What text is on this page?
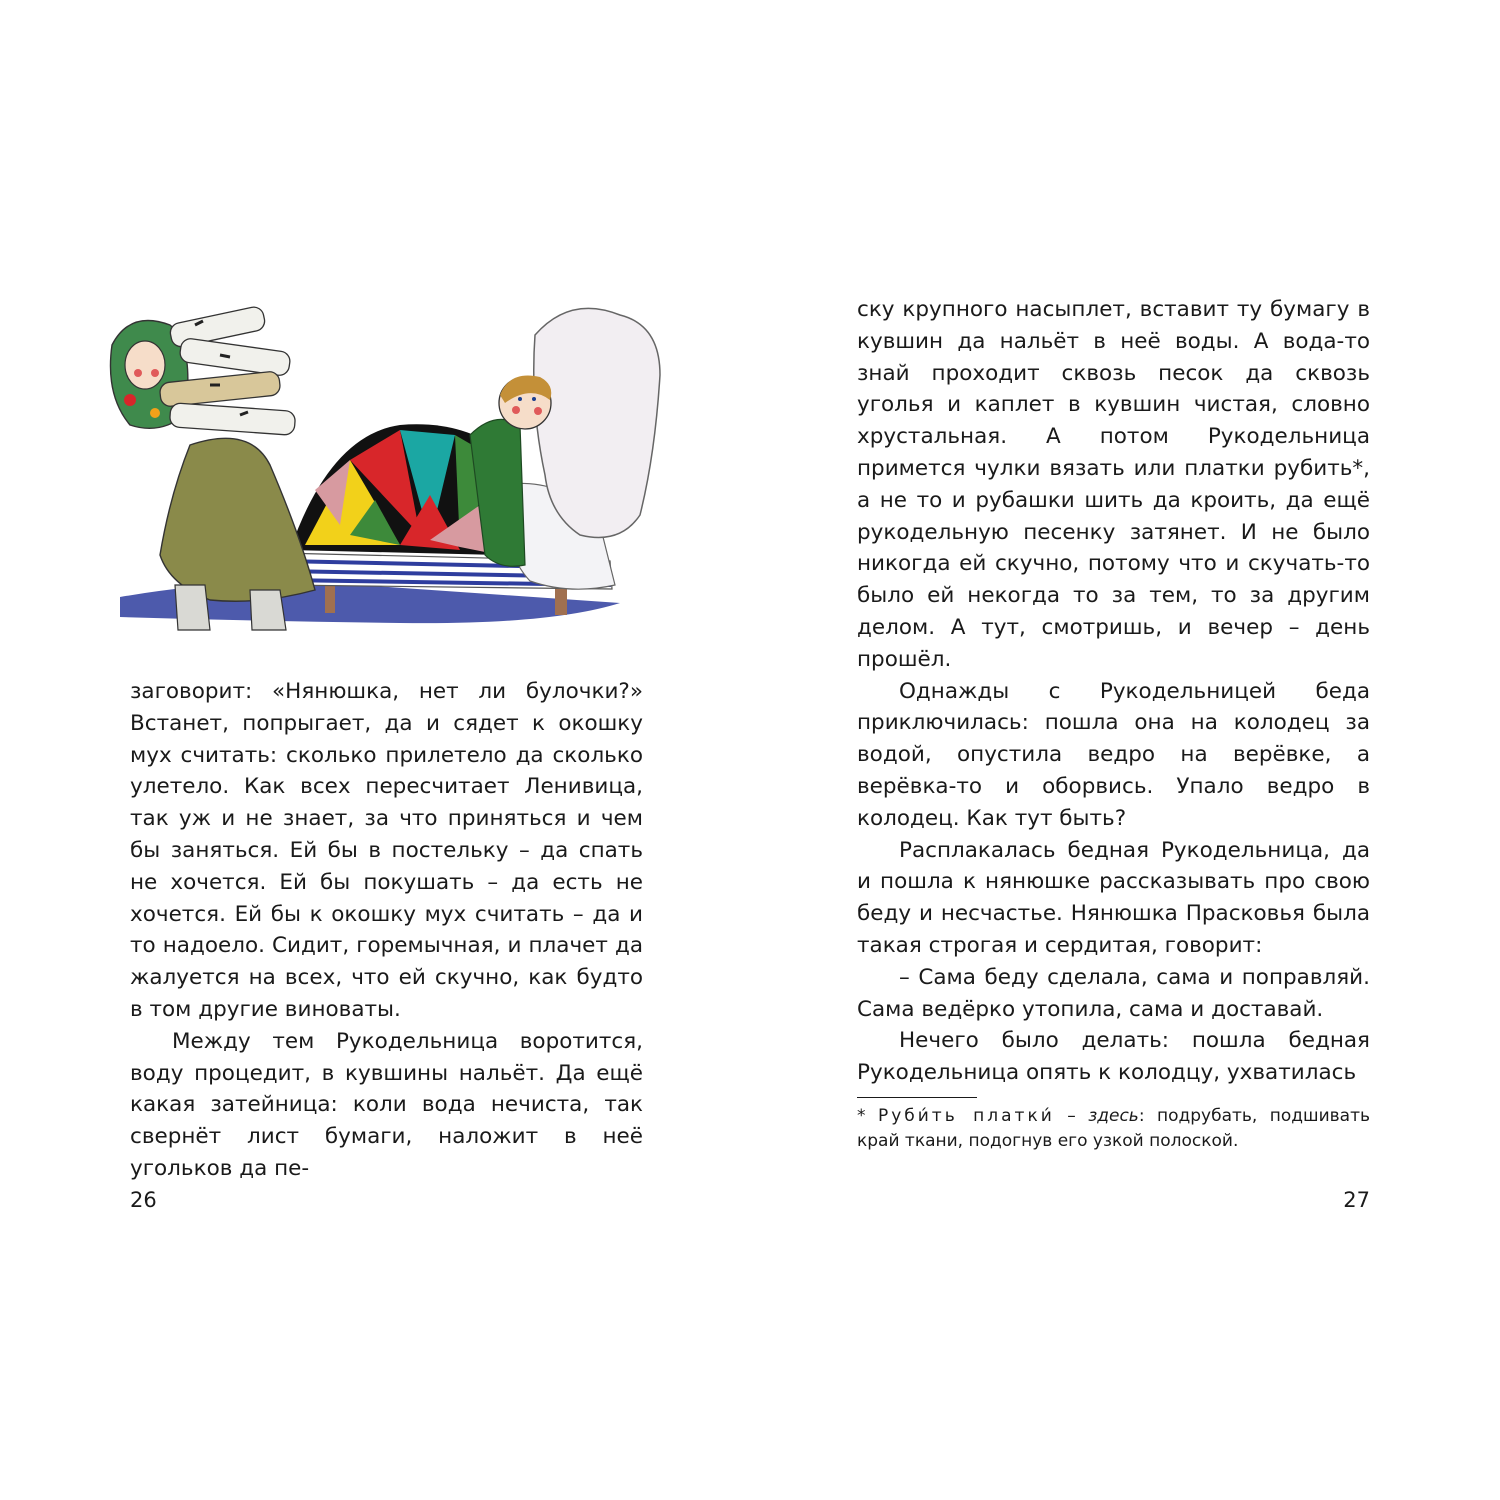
заговорит: «Нянюшка, нет ли булочки?» Встанет, попрыгает, да и сядет к окошку мух считать: сколько прилетело да сколько улетело. Как всех пересчитает Ленивица, так уж и не знает, за что приняться и чем бы заняться. Ей бы в постельку – да спать не хочется. Ей бы покушать – да есть не хочется. Ей бы к окошку мух считать – да и то надоело. Сидит, горемычная, и плачет да жалуется на всех, что ей скучно, как будто в том другие виноваты.

Между тем Рукодельница воротится, воду процедит, в кувшины нальёт. Да ещё какая затейница: коли вода нечиста, так свернёт лист бумаги, наложит в неё угольков да пе-

26

ску крупного насыплет, вставит ту бумагу в кувшин да нальёт в неё воды. А вода-то знай проходит сквозь песок да сквозь уголья и каплет в кувшин чистая, словно хрустальная. А потом Рукодельница примется чулки вязать или платки рубить*, а не то и рубашки шить да кроить, да ещё рукодельную песенку затянет. И не было никогда ей скучно, потому что и скучать-то было ей некогда то за тем, то за другим делом. А тут, смотришь, и вечер – день прошёл.

Однажды с Рукодельницей беда приключилась: пошла она на колодец за водой, опустила ведро на верёвке, а верёвка-то и оборвись. Упало ведро в колодец. Как тут быть?

Расплакалась бедная Рукодельница, да и пошла к нянюшке рассказывать про свою беду и несчастье. Нянюшка Прасковья была такая строгая и сердитая, говорит:

– Сама беду сделала, сама и поправляй. Сама ведёрко утопила, сама и доставай.

Нечего было делать: пошла бедная Рукодельница опять к колодцу, ухватилась

* Руби́ть платки́ – здесь: подрубать, подшивать край ткани, подогнув его узкой полоской.
27
